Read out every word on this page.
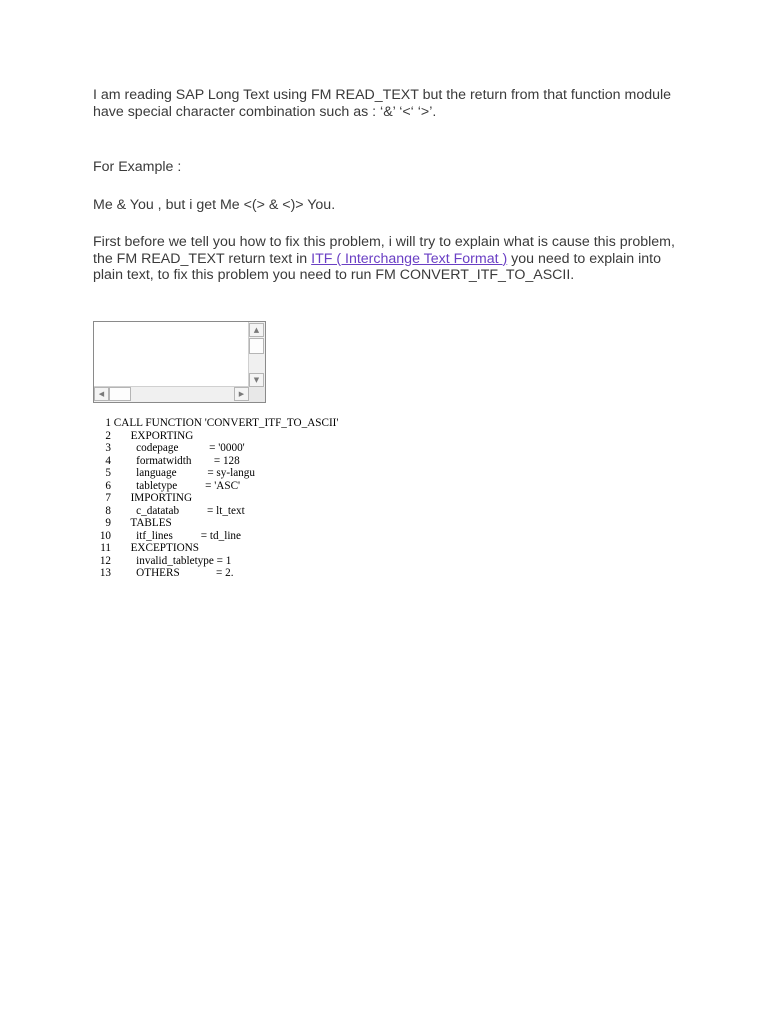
I am reading SAP Long Text using FM READ_TEXT but the return from that function module have special character combination such as : ‘&’ ‘<‘ ‘>’.

For Example :

Me & You , but i get Me <(> & <)> You.

First before we tell you how to fix this problem, i will try to explain what is cause this problem, the FM READ_TEXT return text in ITF ( Interchange Text Format ) you need to explain into plain text, to fix this problem you need to run FM CONVERT_ITF_TO_ASCII.

▲
▼
◀	▶
1 CALL FUNCTION 'CONVERT_ITF_TO_ASCII'
2       EXPORTING
3         codepage           = '0000'
4         formatwidth        = 128
5         language           = sy-langu
6         tabletype          = 'ASC'
7       IMPORTING
8         c_datatab          = lt_text
9       TABLES
10         itf_lines          = td_line
11       EXCEPTIONS
12         invalid_tabletype = 1
13         OTHERS             = 2.
